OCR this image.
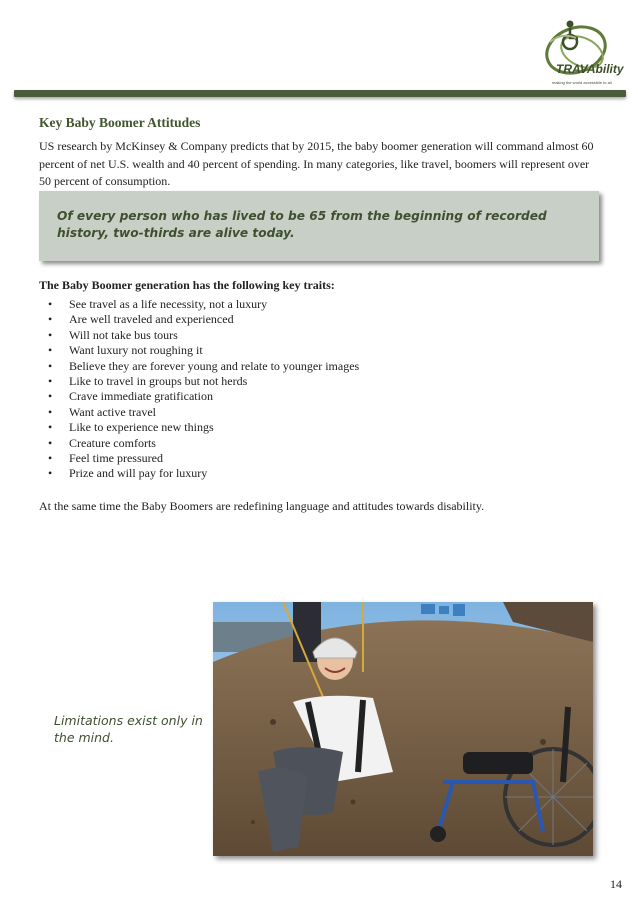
TRAVAbility
making the world accessible to all
Key Baby Boomer Attitudes

US research by McKinsey & Company predicts that by 2015, the baby boomer generation will command almost 60 percent of net U.S. wealth and 40 percent of spending. In many categories, like travel, boomers will represent over 50 percent of consumption.

Of every person who has lived to be 65 from the beginning of recorded history, two-thirds are alive today.

The Baby Boomer generation has the following key traits:

• See travel as a life necessity, not a luxury
• Are well traveled and experienced
• Will not take bus tours
• Want luxury not roughing it
• Believe they are forever young and relate to younger images
• Like to travel in groups but not herds
• Crave immediate gratification
• Want active travel
• Like to experience new things
• Creature comforts
• Feel time pressured
• Prize and will pay for luxury

At the same time the Baby Boomers are redefining language and attitudes towards disability.

Limitations exist only in the mind.

14
